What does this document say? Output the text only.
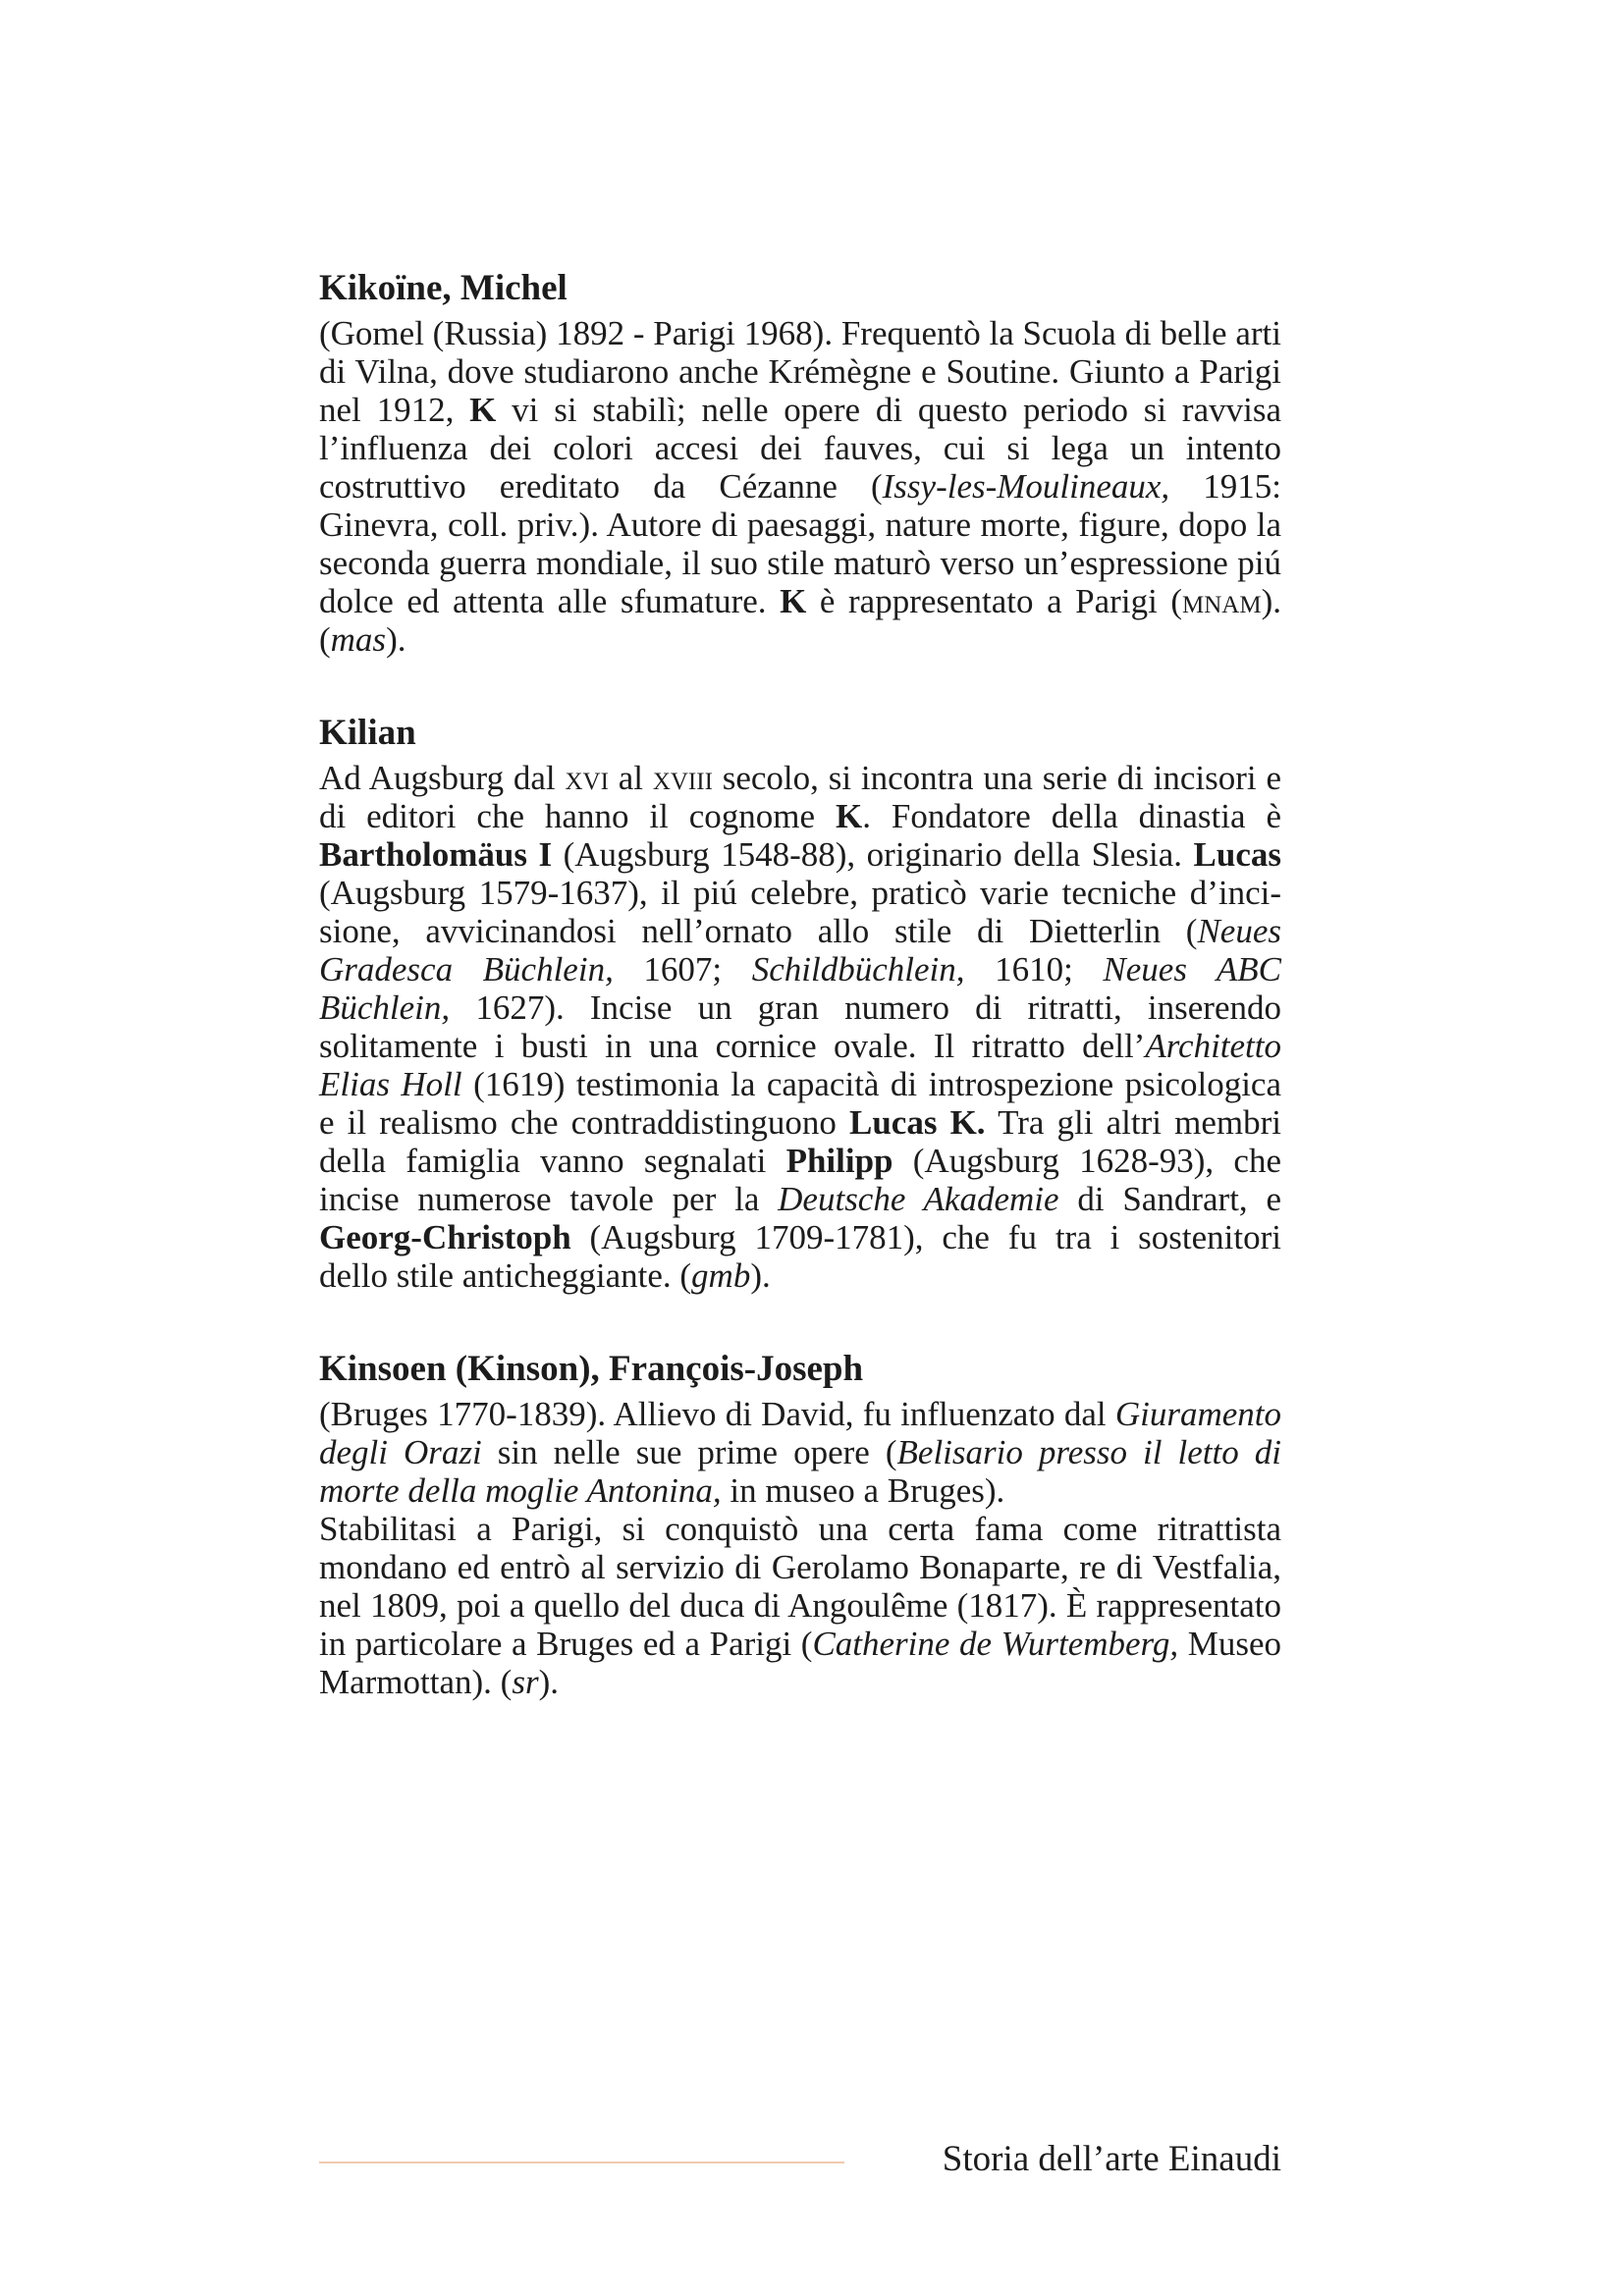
Kikoïne, Michel

(Gomel (Russia) 1892 - Parigi 1968). Frequentò la Scuola di belle arti di Vilna, dove studiarono anche Krémègne e Soutine. Giunto a Parigi nel 1912, K vi si stabilì; nelle opere di questo periodo si ravvisa l’influenza dei colori accesi dei fauves, cui si lega un intento costruttivo ereditato da Cézanne (Issy-les-Moulineaux, 1915: Ginevra, coll. priv.). Autore di paesaggi, nature morte, figure, dopo la seconda guerra mondiale, il suo stile maturò verso un’espressione piú dolce ed attenta alle sfumature. K è rappresentato a Parigi (mnam). (mas).

Kilian

Ad Augsburg dal xvi al xviii secolo, si incontra una serie di incisori e di editori che hanno il cognome K. Fondatore della dinastia è Bartholomäus I (Augsburg 1548-88), originario della Slesia. Lucas (Augsburg 1579-1637), il piú celebre, praticò varie tecniche d’incisione, avvicinandosi nell’ornato allo stile di Dietterlin (Neues Gradesca Büchlein, 1607; Schildbüchlein, 1610; Neues ABC Büchlein, 1627). Incise un gran numero di ritratti, inserendo solitamente i busti in una cornice ovale. Il ritratto dell’Architetto Elias Holl (1619) testimonia la capacità di introspezione psicologica e il realismo che contraddistinguono Lucas K. Tra gli altri membri della famiglia vanno segnalati Philipp (Augsburg 1628-93), che incise numerose tavole per la Deutsche Akademie di Sandrart, e Georg-Christoph (Augsburg 1709-1781), che fu tra i sostenitori dello stile anticheggiante. (gmb).

Kinsoen (Kinson), François-Joseph

(Bruges 1770-1839). Allievo di David, fu influenzato dal Giuramento degli Orazi sin nelle sue prime opere (Belisario presso il letto di morte della moglie Antonina, in museo a Bruges).

Stabilitasi a Parigi, si conquistò una certa fama come ritrattista mondano ed entrò al servizio di Gerolamo Bonaparte, re di Vestfalia, nel 1809, poi a quello del duca di Angoulême (1817). È rappresentato in particolare a Bruges ed a Parigi (Catherine de Wurtemberg, Museo Marmottan). (sr).

Storia dell’arte Einaudi
